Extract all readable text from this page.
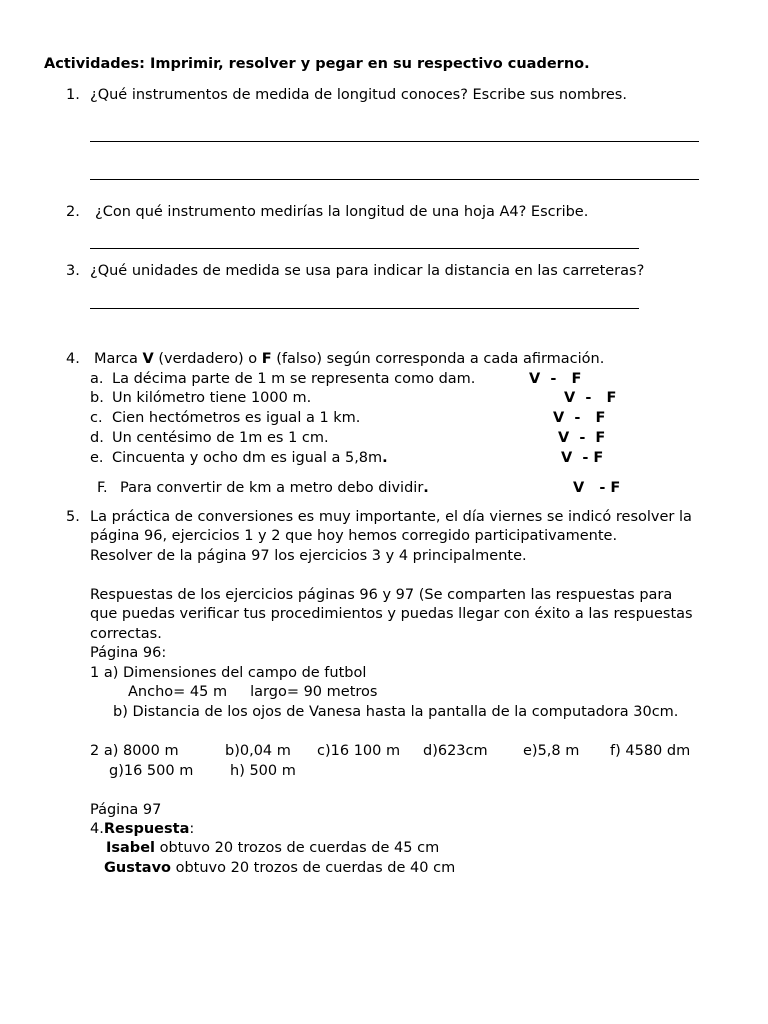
Actividades: Imprimir, resolver y pegar en su respectivo cuaderno.
1. ¿Qué instrumentos de medida de longitud conoces? Escribe sus nombres.
2. ¿Con qué instrumento medirías la longitud de una hoja A4? Escribe.
3. ¿Qué unidades de medida se usa para indicar la distancia en las carreteras?
4. Marca V (verdadero) o F (falso) según corresponda a cada afirmación.
a. La décima parte de 1 m se representa como dam.	V  -   F
b. Un kilómetro tiene 1000 m.	V  -   F
c. Cien hectómetros es igual a 1 km.	V  -   F
d. Un centésimo de 1m es 1 cm.	V  -  F
e. Cincuenta y ocho dm es igual a 5,8m.	V  - F
F. Para convertir de km a metro debo dividir.	V   - F
5. La práctica de conversiones es muy importante, el día viernes se indicó resolver la
página 96, ejercicios 1 y 2 que hoy hemos corregido participativamente.
Resolver de la página 97 los ejercicios 3 y 4 principalmente.
Respuestas de los ejercicios páginas 96 y 97 (Se comparten las respuestas para
que puedas verificar tus procedimientos y puedas llegar con éxito a las respuestas
correctas.
Página 96:
1 a) Dimensiones del campo de futbol
Ancho= 45 m     largo= 90 metros
b) Distancia de los ojos de Vanesa hasta la pantalla de la computadora 30cm.
2 a) 8000 m	b)0,04 m c)16 100 m d)623cm e)5,8 m f) 4580 dm
g)16 500 m	h) 500 m
Página 97
4.Respuesta:
Isabel obtuvo 20 trozos de cuerdas de 45 cm
Gustavo obtuvo 20 trozos de cuerdas de 40 cm
